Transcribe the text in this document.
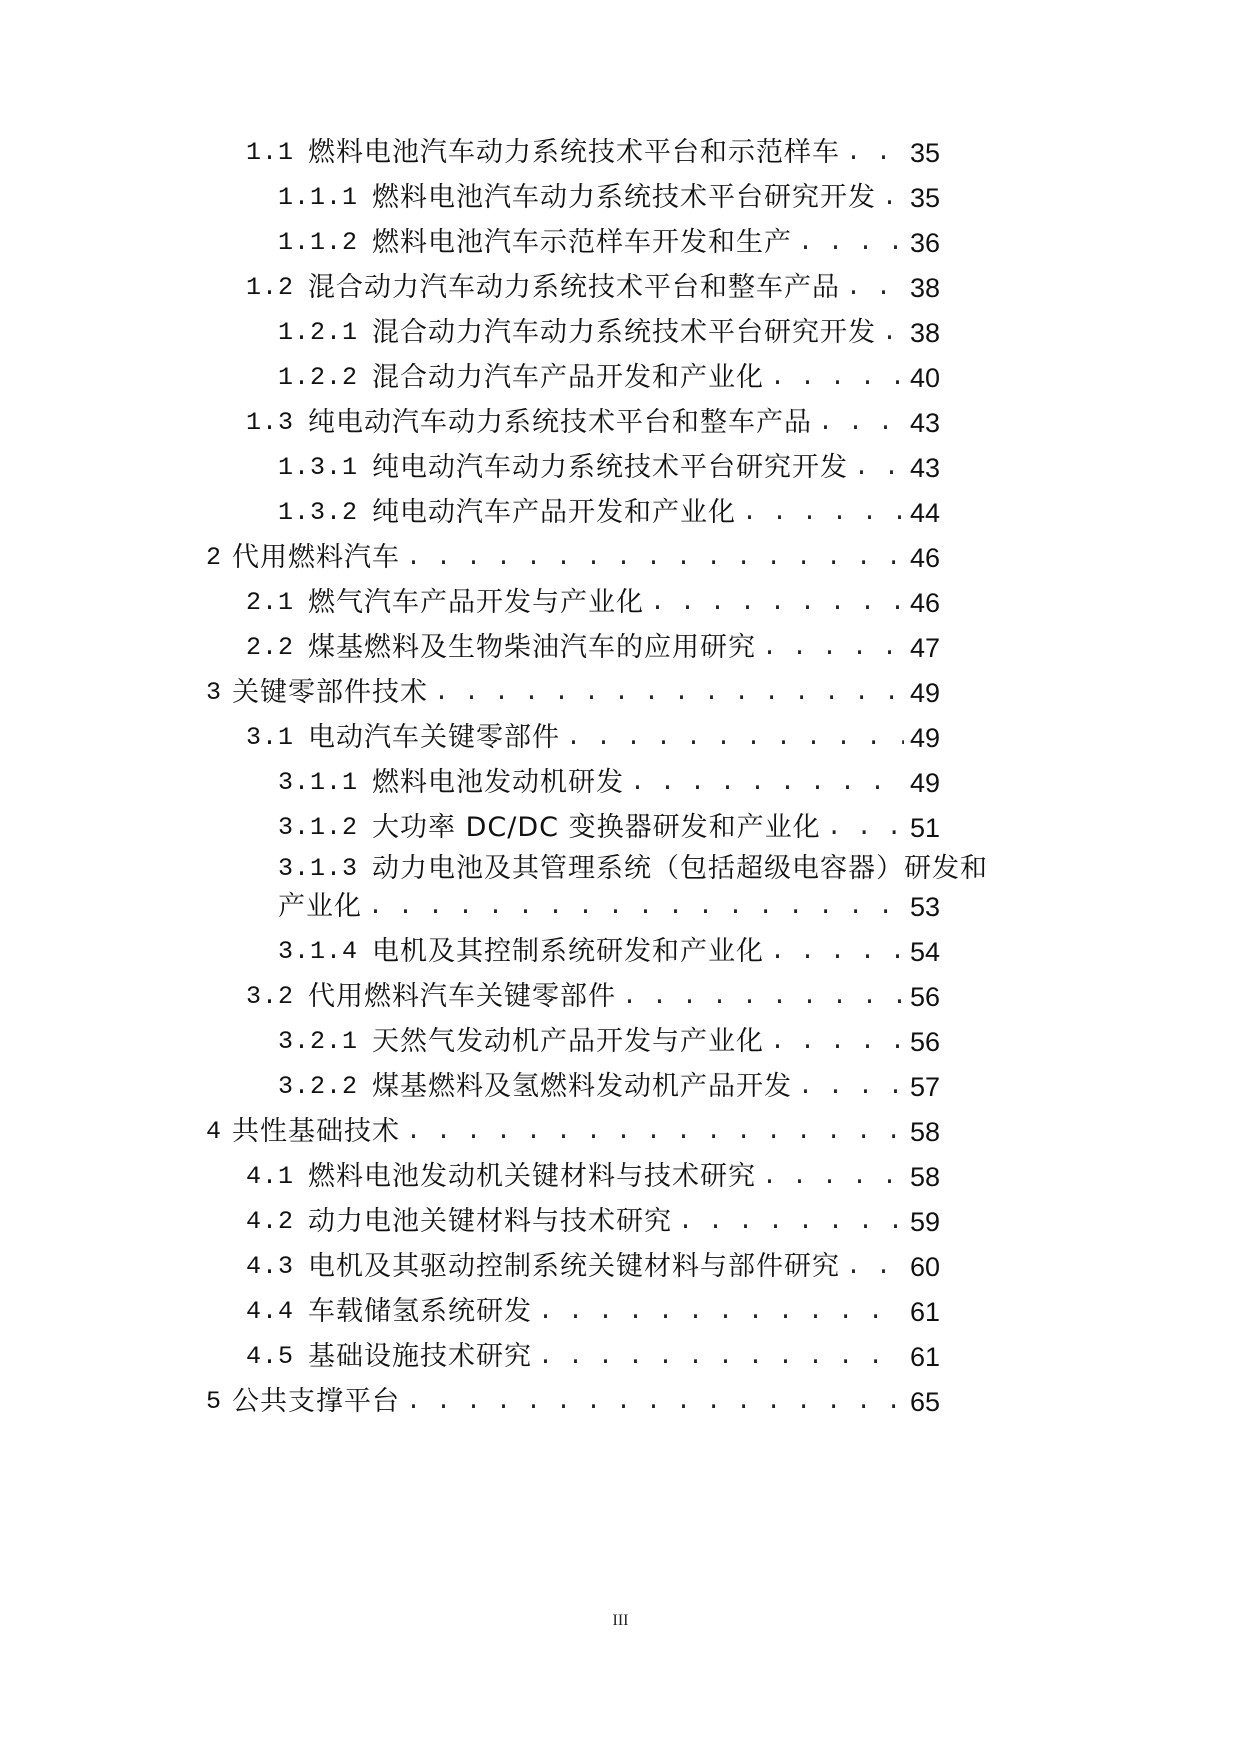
1.1 燃料电池汽车动力系统技术平台和示范样车 . . .	35
1.1.1 燃料电池汽车动力系统技术平台研究开发 . . . 35
1.1.2 燃料电池汽车示范样车开发和生产 . . .	36
1.2 混合动力汽车动力系统技术平台和整车产品 . . .	38
1.2.1 混合动力汽车动力系统技术平台研究开发 . . . 38
1.2.2 混合动力汽车产品开发和产业化 . . .	40
1.3 纯电动汽车动力系统技术平台和整车产品 . . .	43
1.3.1 纯电动汽车动力系统技术平台研究开发 . . . 43
1.3.2 纯电动汽车产品开发和产业化 . . .	44
2 代用燃料汽车 . . .	46
2.1 燃气汽车产品开发与产业化 . . .	46
2.2 煤基燃料及生物柴油汽车的应用研究 . . .	47
3 关键零部件技术 . . .	49
3.1 电动汽车关键零部件 . . .	49
3.1.1 燃料电池发动机研发 . . .	49
3.1.2 大功率 DC/DC 变换器研发和产业化 . . .	51
3.1.3 动力电池及其管理系统（包括超级电容器）研发和
产业化 . . .	53
3.1.4 电机及其控制系统研发和产业化 . . .	54
3.2 代用燃料汽车关键零部件 . . .	56
3.2.1 天然气发动机产品开发与产业化 . . .	56
3.2.2 煤基燃料及氢燃料发动机产品开发 . . .	57
4 共性基础技术 . . .	58
4.1 燃料电池发动机关键材料与技术研究 . . .	58
4.2 动力电池关键材料与技术研究 . . .	59
4.3 电机及其驱动控制系统关键材料与部件研究 . . .	60
4.4 车载储氢系统研发 . . .	61
4.5 基础设施技术研究 . . .	61
5 公共支撑平台 . . .	65
III
